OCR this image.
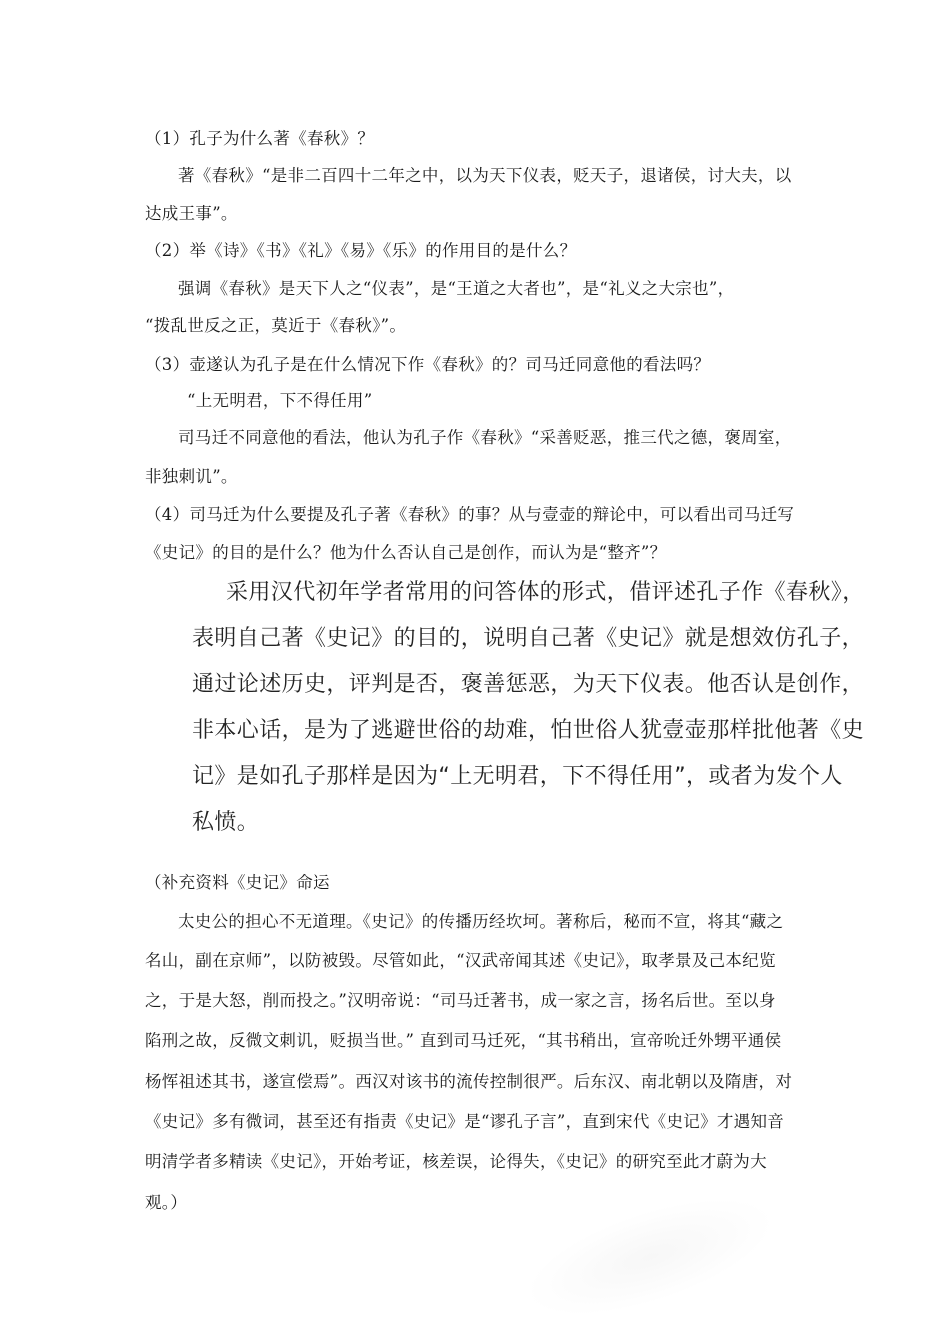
（1）孔子为什么著《春秋》？
著《春秋》“是非二百四十二年之中，以为天下仪表，贬天子，退诸侯，讨大夫，以
达成王事”。
（2）举《诗》《书》《礼》《易》《乐》的作用目的是什么？
强调《春秋》是天下人之“仪表”，是“王道之大者也”，是“礼义之大宗也”，
“拨乱世反之正，莫近于《春秋》”。
（3）壶遂认为孔子是在什么情况下作《春秋》的？司马迁同意他的看法吗？
“上无明君，下不得任用”
司马迁不同意他的看法，他认为孔子作《春秋》“采善贬恶，推三代之德，褒周室，
非独刺讥”。
（4）司马迁为什么要提及孔子著《春秋》的事？从与壹壶的辩论中，可以看出司马迁写
《史记》的目的是什么？他为什么否认自己是创作，而认为是“整齐”？
采用汉代初年学者常用的问答体的形式，借评述孔子作《春秋》，
表明自己著《史记》的目的，说明自己著《史记》就是想效仿孔子，
通过论述历史，评判是否，褒善惩恶，为天下仪表。他否认是创作，
非本心话，是为了逃避世俗的劫难，怕世俗人犹壹壶那样批他著《史
记》是如孔子那样是因为“上无明君，下不得任用”，或者为发个人
私愤。
（补充资料《史记》命运
太史公的担心不无道理。《史记》的传播历经坎坷。著称后，秘而不宣，将其“藏之
名山，副在京师”，以防被毁。尽管如此，“汉武帝闻其述《史记》，取孝景及己本纪览
之，于是大怒，削而投之。”汉明帝说：“司马迁著书，成一家之言，扬名后世。至以身
陷刑之故，反微文刺讥，贬损当世。” 直到司马迁死，“其书稍出，宣帝吮迁外甥平通侯
杨恽祖述其书，遂宣偿焉”。西汉对该书的流传控制很严。后东汉、南北朝以及隋唐，对
《史记》多有微词，甚至还有指责《史记》是“谬孔子言”，直到宋代《史记》才遇知音
明清学者多精读《史记》，开始考证，核差误，论得失，《史记》的研究至此才蔚为大
观。）
